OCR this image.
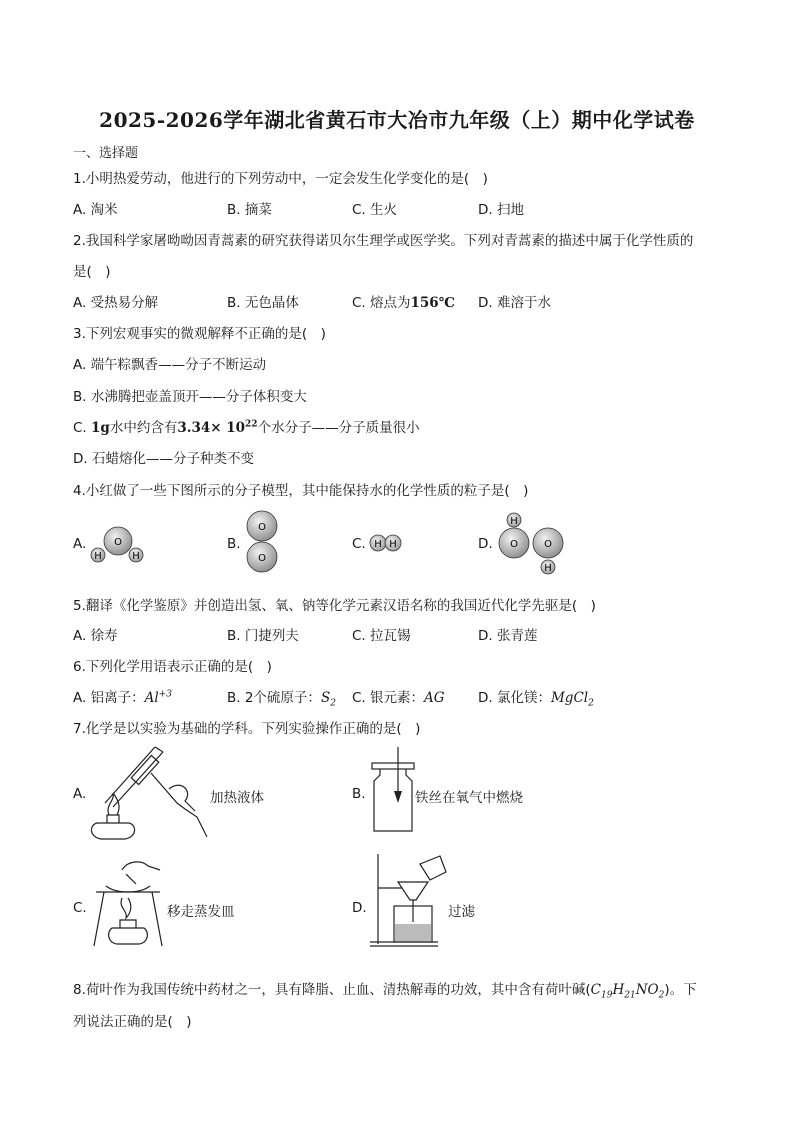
2025-2026学年湖北省黄石市大冶市九年级（上）期中化学试卷
一、选择题
1.小明热爱劳动，他进行的下列劳动中，一定会发生化学变化的是(　)
A. 淘米	B. 摘菜	C. 生火	D. 扫地
2.我国科学家屠呦呦因青蒿素的研究获得诺贝尔生理学或医学奖。下列对青蒿素的描述中属于化学性质的
是(　)
A. 受热易分解	B. 无色晶体	C. 熔点为156℃ D. 难溶于水
3.下列宏观事实的微观解释不正确的是(　)
A. 端午粽飘香——分子不断运动
B. 水沸腾把壶盖顶开——分子体积变大
C. 1g水中约含有$3.34\times 10^{22}$个水分子——分子质量很小
D. 石蜡熔化——分子种类不变
4.小红做了一些下图所示的分子模型，其中能保持水的化学性质的粒子是(　)
A.	B.	C.	D.
O
H	H
O
O
H H
H
H
O	O
5.翻译《化学鉴原》并创造出氢、氧、钠等化学元素汉语名称的我国近代化学先驱是(　)
A. 徐寿	B. 门捷列夫	C. 拉瓦锡	D. 张青莲
6.下列化学用语表示正确的是(　)
A. 铝离子：$Al^{+3}$	B. 2个硫原子：$S_2$ C. 银元素：AG D. 氯化镁：MgCl$_2$
7.化学是以实验为基础的学科。下列实验操作正确的是(　)
A.	加热液体	B.	铁丝在氧气中燃烧
C.	移走蒸发皿	D.	过滤
8.荷叶作为我国传统中药材之一，具有降脂、止血、清热解毒的功效，其中含有荷叶碱$(C_{19}H_{21}NO_2)$。下
列说法正确的是(　)
